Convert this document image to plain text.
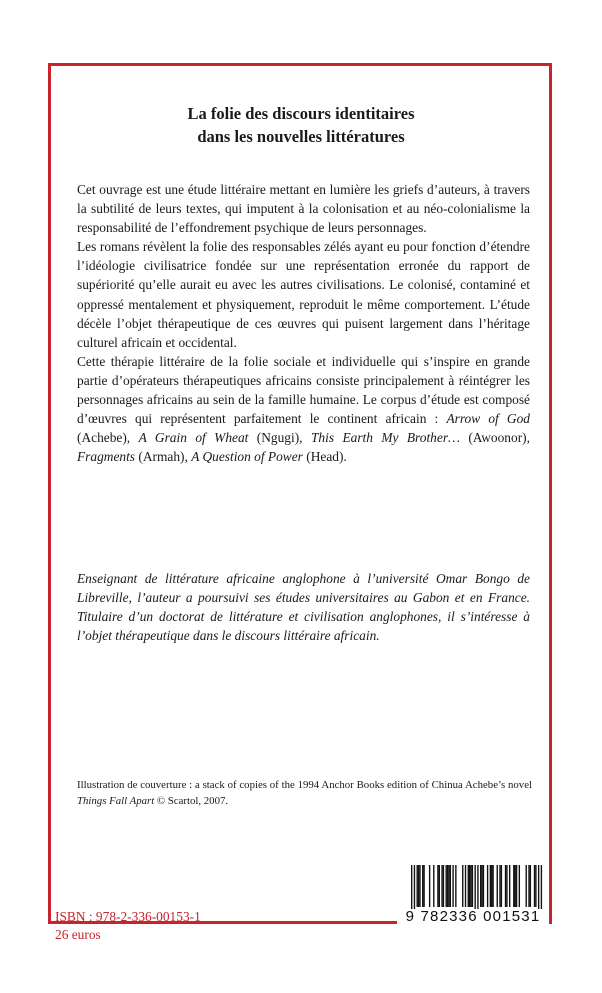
La folie des discours identitaires
dans les nouvelles littératures

Cet ouvrage est une étude littéraire mettant en lumière les griefs d’auteurs, à travers la subtilité de leurs textes, qui imputent à la colonisation et au néo-colonialisme la responsabilité de l’effondrement psychique de leurs personnages.

Les romans révèlent la folie des responsables zélés ayant eu pour fonction d’étendre l’idéologie civilisatrice fondée sur une représentation erronée du rapport de supériorité qu’elle aurait eu avec les autres civilisations. Le colonisé, contaminé et oppressé mentalement et physiquement, reproduit le même comportement. L’étude décèle l’objet thérapeutique de ces œuvres qui puisent largement dans l’héritage culturel africain et occidental.

Cette thérapie littéraire de la folie sociale et individuelle qui s’inspire en grande partie d’opérateurs thérapeutiques africains consiste principalement à réintégrer les personnages africains au sein de la famille humaine. Le corpus d’étude est composé d’œuvres qui représentent parfaitement le continent africain : Arrow of God (Achebe), A Grain of Wheat (Ngugi), This Earth My Brother… (Awoonor), Fragments (Armah), A Question of Power (Head).

Enseignant de littérature africaine anglophone à l’université Omar Bongo de Libreville, l’auteur a poursuivi ses études universitaires au Gabon et en France. Titulaire d’un doctorat de littérature et civilisation anglophones, il s’intéresse à l’objet thérapeutique dans le discours littéraire africain.

Illustration de couverture : a stack of copies of the 1994 Anchor Books edition of Chinua Achebe’s novel Things Fall Apart © Scartol, 2007.

ISBN : 978-2-336-00153-1
26 euros
9 782336 001531
